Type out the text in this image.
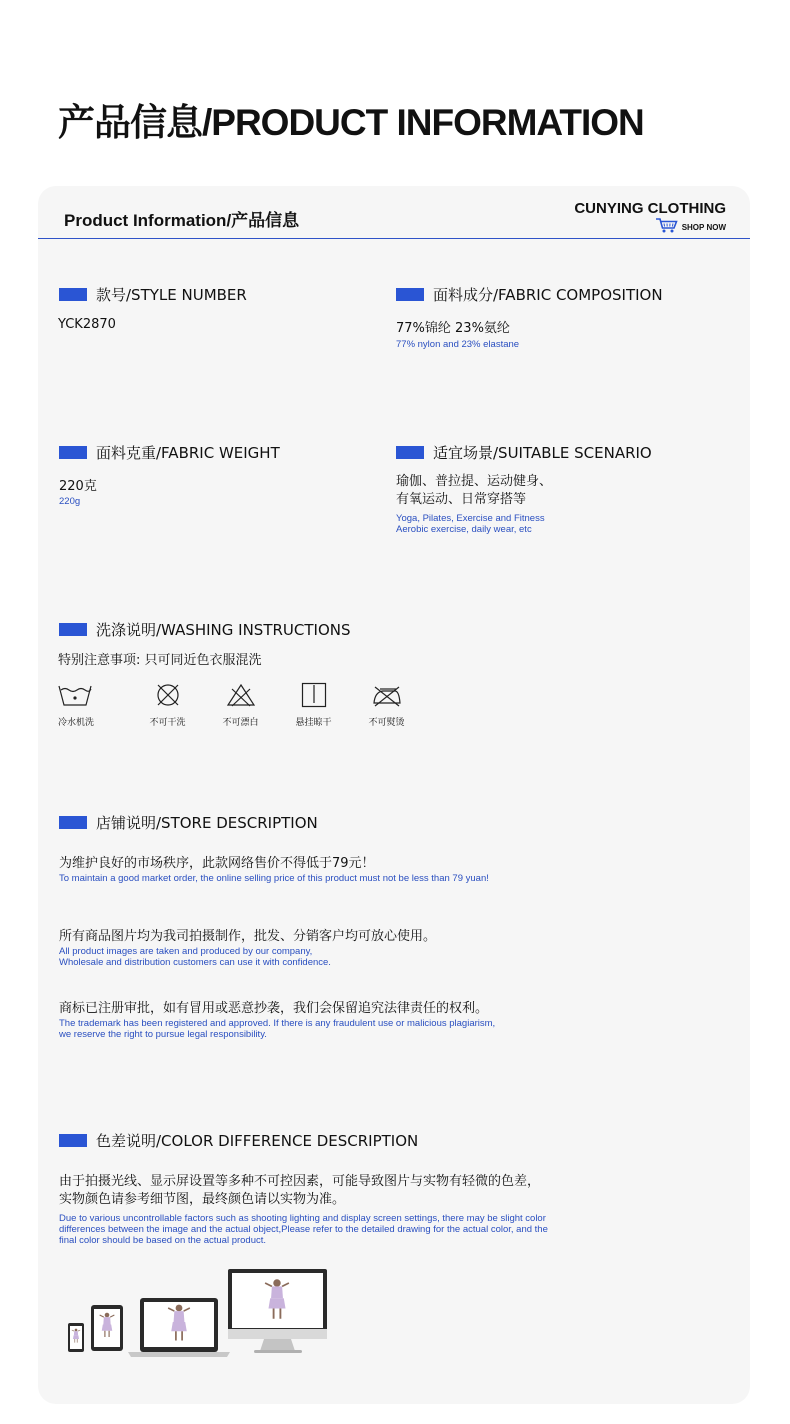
产品信息/PRODUCT INFORMATION
Product Information/产品信息
CUNYING CLOTHING
SHOP NOW
款号/STYLE NUMBER
YCK2870
面料成分/FABRIC COMPOSITION
77%锦纶 23%氨纶
77% nylon and 23% elastane
面料克重/FABRIC WEIGHT
220克
220g
适宜场景/SUITABLE SCENARIO
瑜伽、普拉提、运动健身、
有氧运动、日常穿搭等
Yoga, Pilates, Exercise and Fitness
Aerobic exercise, daily wear, etc
洗涤说明/WASHING INSTRUCTIONS
特别注意事项: 只可同近色衣服混洗
冷水机洗	不可干洗	不可漂白	悬挂晾干	不可熨烫
店铺说明/STORE DESCRIPTION
为维护良好的市场秩序，此款网络售价不得低于79元！
To maintain a good market order, the online selling price of this product must not be less than 79 yuan!
所有商品图片均为我司拍摄制作，批发、分销客户均可放心使用。
All product images are taken and produced by our company,
Wholesale and distribution customers can use it with confidence.
商标已注册审批，如有冒用或恶意抄袭，我们会保留追究法律责任的权利。
The trademark has been registered and approved. If there is any fraudulent use or malicious plagiarism,
we reserve the right to pursue legal responsibility.
色差说明/COLOR DIFFERENCE DESCRIPTION
由于拍摄光线、显示屏设置等多种不可控因素，可能导致图片与实物有轻微的色差，
实物颜色请参考细节图，最终颜色请以实物为准。
Due to various uncontrollable factors such as shooting lighting and display screen settings, there may be slight color
differences between the image and the actual object,Please refer to the detailed drawing for the actual color, and the
final color should be based on the actual product.
